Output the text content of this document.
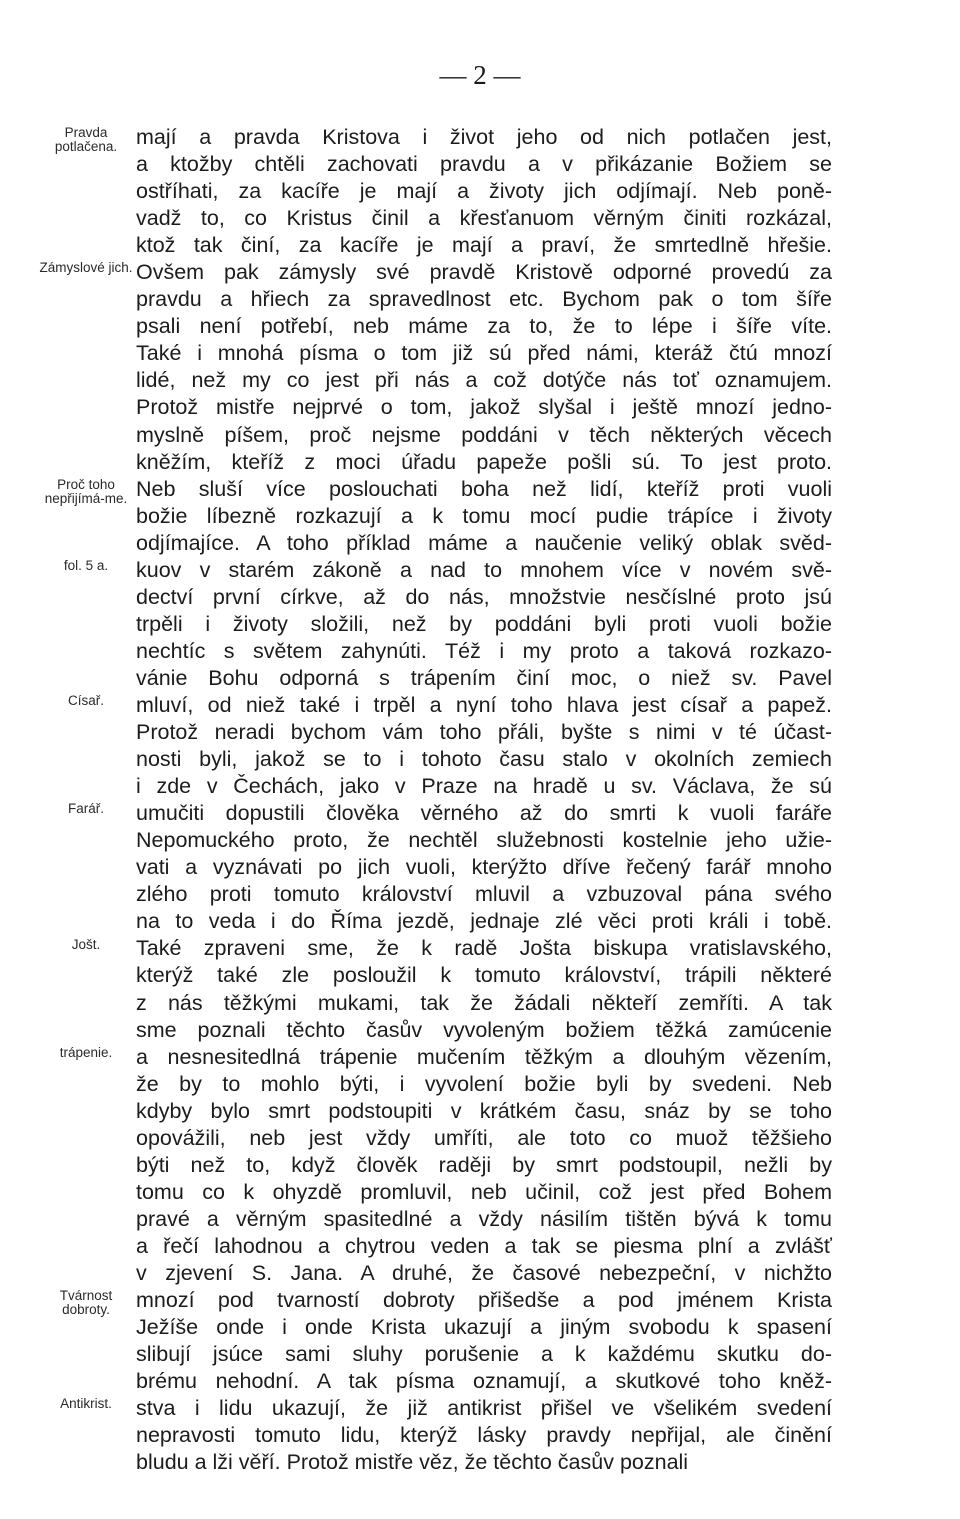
— 2 —
mají a pravda Kristova i život jeho od nich potlačen jest,
a ktožby chtěli zachovati pravdu a v přikázanie Božiem se
ostříhati, za kacíře je mají a životy jich odjímají. Neb poně-
vadž to, co Kristus činil a křesťanuom věrným činiti rozkázal,
ktož tak činí, za kacíře je mají a praví, že smrtedlně hřešie.
Ovšem pak zámysly své pravdě Kristově odporné provedú za
pravdu a hřiech za spravedlnost etc. Bychom pak o tom šíře
psali není potřebí, neb máme za to, že to lépe i šíře víte.
Také i mnohá písma o tom již sú před námi, kteráž čtú mnozí
lidé, než my co jest při nás a což dotýče nás toť oznamujem.
Protož mistře nejprvé o tom, jakož slyšal i ještě mnozí jedno-
myslně píšem, proč nejsme poddáni v těch některých věcech
kněžím, kteříž z moci úřadu papeže pošli sú. To jest proto.
Neb sluší více poslouchati boha než lidí, kteříž proti vuoli
božie líbezně rozkazují a k tomu mocí pudie trápíce i životy
odjímajíce. A toho příklad máme a naučenie veliký oblak svěd-
kuov v starém zákoně a nad to mnohem více v novém svě-
dectví první církve, až do nás, množstvie nesčíslné proto jsú
trpěli i životy složili, než by poddáni byli proti vuoli božie
nechtíc s světem zahynúti. Též i my proto a taková rozkazo-
vánie Bohu odporná s trápením činí moc, o niež sv. Pavel
mluví, od niež také i trpěl a nyní toho hlava jest císař a papež.
Protož neradi bychom vám toho přáli, byšte s nimi v té účast-
nosti byli, jakož se to i tohoto času stalo v okolních zemiech
i zde v Čechách, jako v Praze na hradě u sv. Václava, že sú
umučiti dopustili člověka věrného až do smrti k vuoli faráře
Nepomuckého proto, že nechtěl služebnosti kostelnie jeho užie-
vati a vyznávati po jich vuoli, kterýžto dříve řečený farář mnoho
zlého proti tomuto království mluvil a vzbuzoval pána svého
na to veda i do Říma jezdě, jednaje zlé věci proti králi i tobě.
Také zpraveni sme, že k radě Jošta biskupa vratislavského,
kterýž také zle posloužil k tomuto království, trápili některé
z nás těžkými mukami, tak že žádali někteří zemříti. A tak
sme poznali těchto časův vyvoleným božiem těžká zamúcenie
a nesnesitedlná trápenie mučením těžkým a dlouhým vězením,
že by to mohlo býti, i vyvolení božie byli by svedeni. Neb
kdyby bylo smrt podstoupiti v krátkém času, snáz by se toho
opovážili, neb jest vždy umříti, ale toto co muož těžšieho
býti než to, když člověk raději by smrt podstoupil, nežli by
tomu co k ohyzdě promluvil, neb učinil, což jest před Bohem
pravé a věrným spasitedlné a vždy násilím tištěn bývá k tomu
a řečí lahodnou a chytrou veden a tak se piesma plní a zvlášť
v zjevení S. Jana. A druhé, že časové nebezpeční, v nichžto
mnozí pod tvarností dobroty přišedše a pod jménem Krista
Ježíše onde i onde Krista ukazují a jiným svobodu k spasení
slibují jsúce sami sluhy porušenie a k každému skutku do-
brému nehodní. A tak písma oznamují, a skutkové toho kněž-
stva i lidu ukazují, že již antikrist přišel ve všelikém svedení
nepravosti tomuto lidu, kterýž lásky pravdy nepřijal, ale činění
bludu a lži věří. Protož mistře věz, že těchto časův poznali
Pravda potlačena.
Zámyslové jich.
Proč toho nepřijímá-me.
fol. 5 a.
Císař.
Farář.
Jošt.
trápenie.
Tvárnost dobroty.
Antikrist.
